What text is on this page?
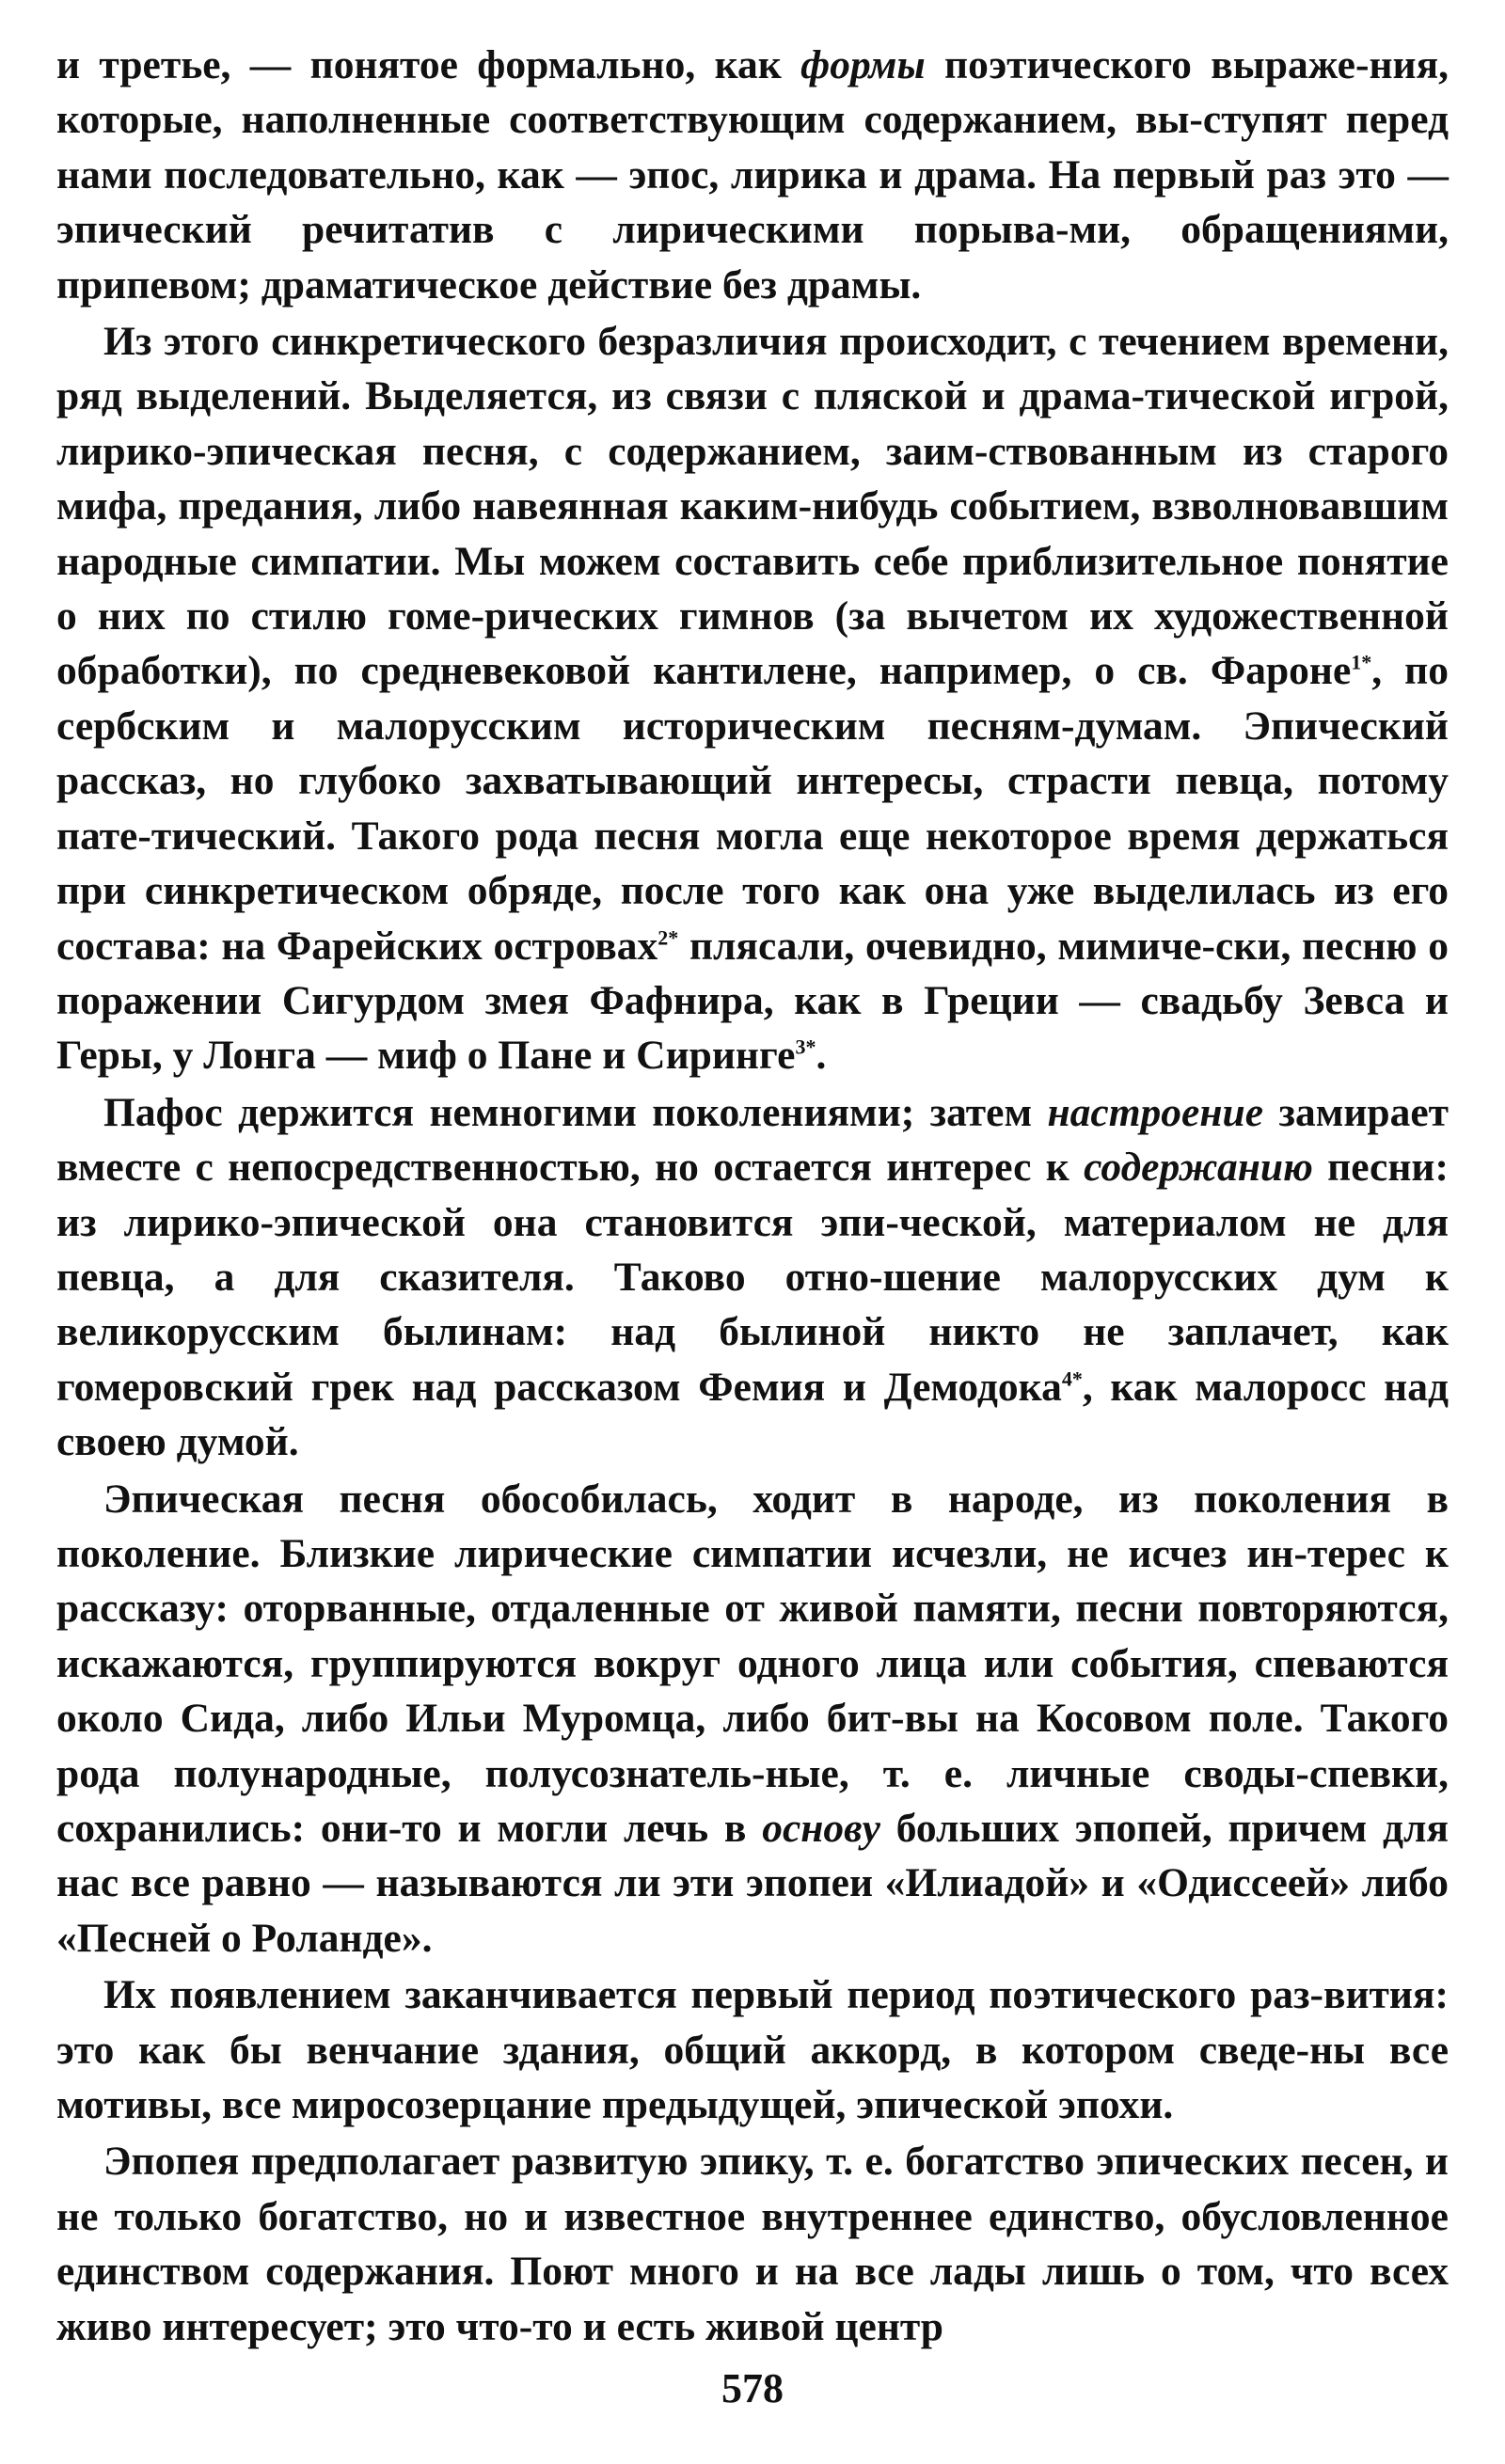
и третье, — понятое формально, как формы поэтического выраже-ния, которые, наполненные соответствующим содержанием, вы-ступят перед нами последовательно, как — эпос, лирика и драма. На первый раз это — эпический речитатив с лирическими порыва-ми, обращениями, припевом; драматическое действие без драмы.

Из этого синкретического безразличия происходит, с течением времени, ряд выделений. Выделяется, из связи с пляской и драма-тической игрой, лирико-эпическая песня, с содержанием, заим-ствованным из старого мифа, предания, либо навеянная каким-нибудь событием, взволновавшим народные симпатии. Мы можем составить себе приблизительное понятие о них по стилю гоме-рических гимнов (за вычетом их художественной обработки), по средневековой кантилене, например, о св. Фароне$^{1*}$, по сербским и малорусским историческим песням-думам. Эпический рассказ, но глубоко захватывающий интересы, страсти певца, потому пате-тический. Такого рода песня могла еще некоторое время держаться при синкретическом обряде, после того как она уже выделилась из его состава: на Фарейских островах$^{2*}$ плясали, очевидно, мимиче-ски, песню о поражении Сигурдом змея Фафнира, как в Греции — свадьбу Зевса и Геры, у Лонга — миф о Пане и Сиринге$^{3*}$.

Пафос держится немногими поколениями; затем настроение замирает вместе с непосредственностью, но остается интерес к содержанию песни: из лирико-эпической она становится эпи-ческой, материалом не для певца, а для сказителя. Таково отно-шение малорусских дум к великорусским былинам: над былиной никто не заплачет, как гомеровский грек над рассказом Фемия и Демодока$^{4*}$, как малоросс над своею думой.

Эпическая песня обособилась, ходит в народе, из поколения в поколение. Близкие лирические симпатии исчезли, не исчез ин-терес к рассказу: оторванные, отдаленные от живой памяти, песни повторяются, искажаются, группируются вокруг одного лица или события, спеваются около Сида, либо Ильи Муромца, либо бит-вы на Косовом поле. Такого рода полународные, полусознатель-ные, т. е. личные своды-спевки, сохранились: они-то и могли лечь в основу больших эпопей, причем для нас все равно — называются ли эти эпопеи «Илиадой» и «Одиссеей» либо «Песней о Роланде».

Их появлением заканчивается первый период поэтического раз-вития: это как бы венчание здания, общий аккорд, в котором сведе-ны все мотивы, все миросозерцание предыдущей, эпической эпохи.

Эпопея предполагает развитую эпику, т. е. богатство эпических песен, и не только богатство, но и известное внутреннее единство, обусловленное единством содержания. Поют много и на все лады лишь о том, что всех живо интересует; это что-то и есть живой центр

578
